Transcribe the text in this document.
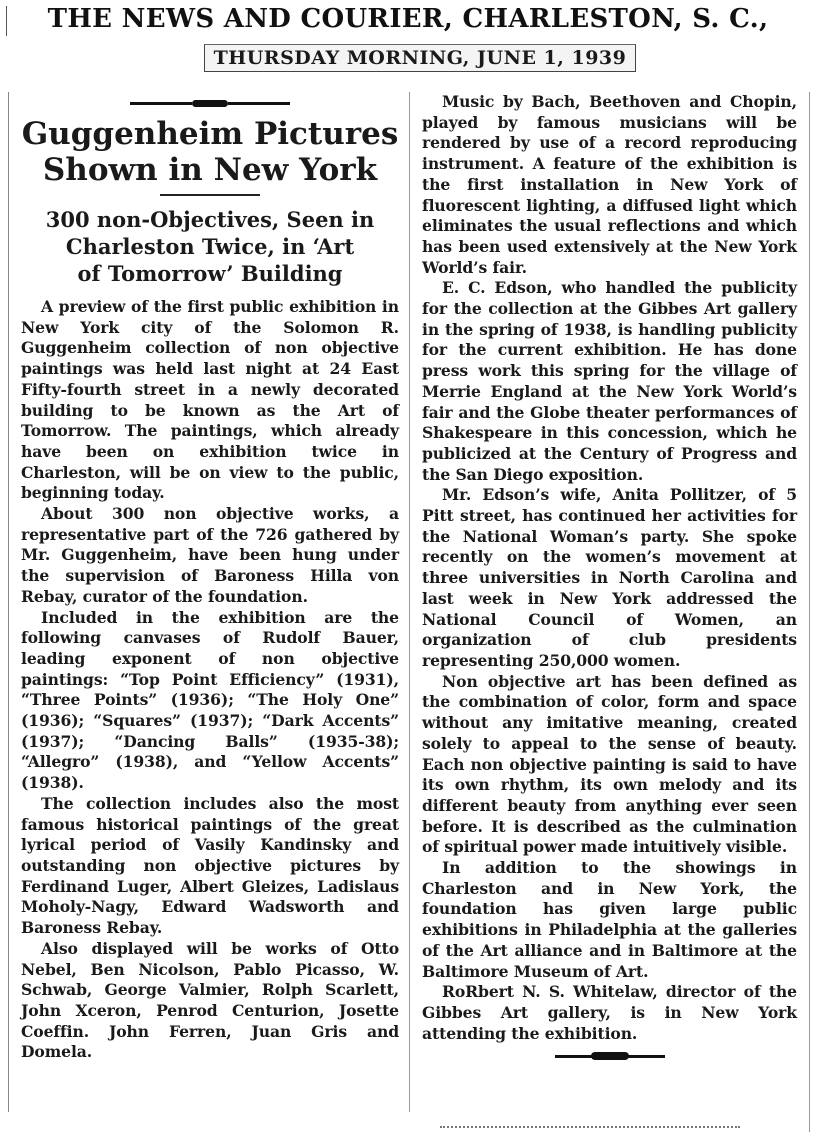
THE NEWS AND COURIER, CHARLESTON, S. C.,
THURSDAY MORNING, JUNE 1, 1939
Guggenheim Pictures
Shown in New York
300 non-Objectives, Seen in
Charleston Twice, in ‘Art
of Tomorrow’ Building

A preview of the first public exhibition in New York city of the Solomon R. Guggenheim collection of non objective paintings was held last night at 24 East Fifty-fourth street in a newly decorated building to be known as the Art of Tomorrow. The paintings, which already have been on exhibition twice in Charleston, will be on view to the public, beginning today.

About 300 non objective works, a representative part of the 726 gathered by Mr. Guggenheim, have been hung under the supervision of Baroness Hilla von Rebay, curator of the foundation.

Included in the exhibition are the following canvases of Rudolf Bauer, leading exponent of non objective paintings: “Top Point Efficiency” (1931), “Three Points” (1936); “The Holy One” (1936); “Squares” (1937); “Dark Accents” (1937); “Dancing Balls” (1935-38); “Allegro” (1938), and “Yellow Accents” (1938).

The collection includes also the most famous historical paintings of the great lyrical period of Vasily Kandinsky and outstanding non objective pictures by Ferdinand Luger, Albert Gleizes, Ladislaus Moholy-Nagy, Edward Wadsworth and Baroness Rebay.

Also displayed will be works of Otto Nebel, Ben Nicolson, Pablo Picasso, W. Schwab, George Valmier, Rolph Scarlett, John Xceron, Penrod Centurion, Josette Coeffin. John Ferren, Juan Gris and Domela.

Music by Bach, Beethoven and Chopin, played by famous musicians will be rendered by use of a record reproducing instrument. A feature of the exhibition is the first installation in New York of fluorescent lighting, a diffused light which eliminates the usual reflections and which has been used extensively at the New York World’s fair.

E. C. Edson, who handled the publicity for the collection at the Gibbes Art gallery in the spring of 1938, is handling publicity for the current exhibition. He has done press work this spring for the village of Merrie England at the New York World’s fair and the Globe theater performances of Shakespeare in this concession, which he publicized at the Century of Progress and the San Diego exposition.

Mr. Edson’s wife, Anita Pollitzer, of 5 Pitt street, has continued her activities for the National Woman’s party. She spoke recently on the women’s movement at three universities in North Carolina and last week in New York addressed the National Council of Women, an organization of club presidents representing 250,000 women.

Non objective art has been defined as the combination of color, form and space without any imitative meaning, created solely to appeal to the sense of beauty. Each non objective painting is said to have its own rhythm, its own melody and its different beauty from anything ever seen before. It is described as the culmination of spiritual power made intuitively visible.

In addition to the showings in Charleston and in New York, the foundation has given large public exhibitions in Philadelphia at the galleries of the Art alliance and in Baltimore at the Baltimore Museum of Art.

RoRbert N. S. Whitelaw, director of the Gibbes Art gallery, is in New York attending the exhibition.
